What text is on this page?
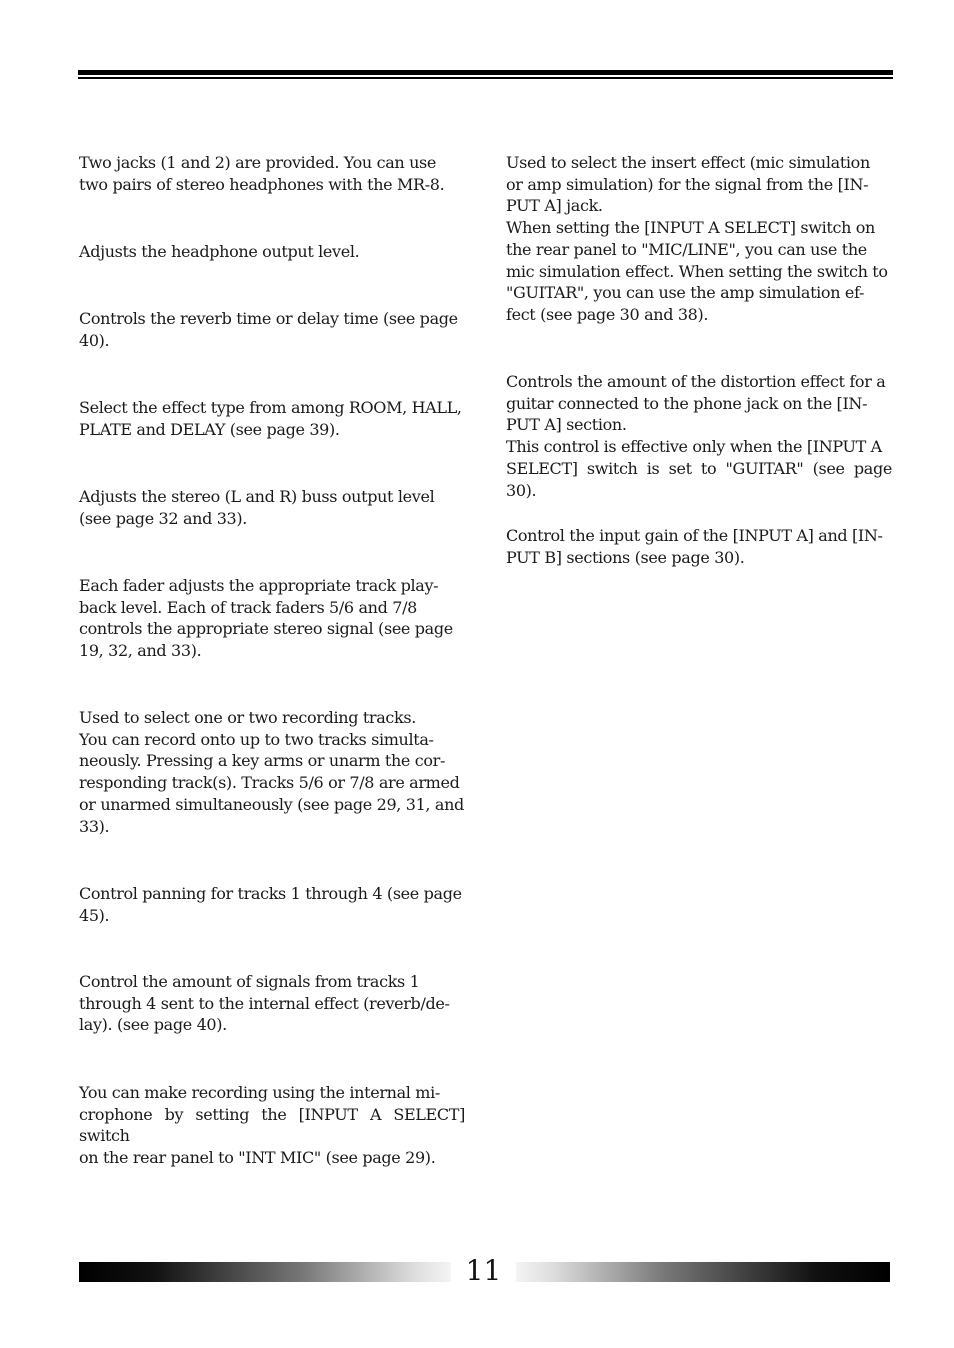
Two jacks (1 and 2) are provided. You can use
two pairs of stereo headphones with the MR-8.

Adjusts the headphone output level.

Controls the reverb time or delay time (see page
40).

Select the effect type from among ROOM, HALL,
PLATE and DELAY (see page 39).

Adjusts the stereo (L and R) buss output level
(see page 32 and 33).

Each fader adjusts the appropriate track play-
back level. Each of track faders 5/6 and 7/8
controls the appropriate stereo signal (see page
19, 32, and 33).

Used to select one or two recording tracks.
You can record onto up to two tracks simulta-
neously. Pressing a key arms or unarm the cor-
responding track(s). Tracks 5/6 or 7/8 are armed
or unarmed simultaneously (see page 29, 31, and
33).

Control panning for tracks 1 through 4 (see page
45).

Control the amount of signals from tracks 1
through 4 sent to the internal effect (reverb/de-
lay). (see page 40).

You can make recording using the internal mi-
crophone by setting the [INPUT A SELECT] switch
on the rear panel to "INT MIC" (see page 29).

Used to select the insert effect (mic simulation
or amp simulation) for the signal from the [IN-
PUT A] jack.
When setting the [INPUT A SELECT] switch on
the rear panel to "MIC/LINE", you can use the
mic simulation effect. When setting the switch to
"GUITAR", you can use the amp simulation ef-
fect (see page 30 and 38).

Controls the amount of the distortion effect for a
guitar connected to the phone jack on the [IN-
PUT A] section.
This control is effective only when the [INPUT A
SELECT] switch is set to "GUITAR" (see page 30).

Control the input gain of the [INPUT A] and [IN-
PUT B] sections (see page 30).

11
